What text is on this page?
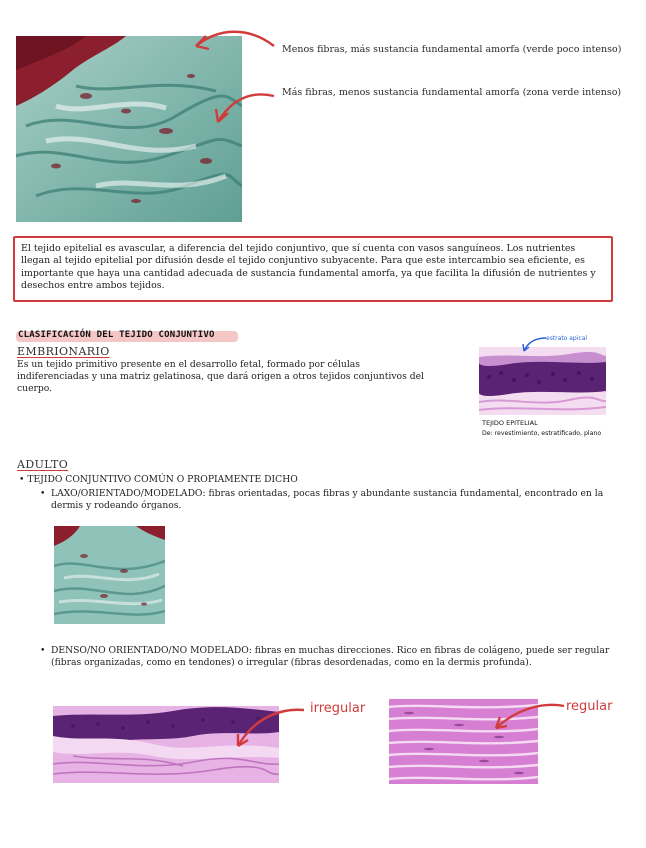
Menos fibras, más sustancia fundamental amorfa (verde poco intenso)
Más fibras, menos sustancia fundamental amorfa (zona verde intenso)
El tejido epitelial es avascular, a diferencia del tejido conjuntivo, que sí cuenta con vasos sanguíneos. Los nutrientes llegan al tejido epitelial por difusión desde el tejido conjuntivo subyacente. Para que este intercambio sea eficiente, es importante que haya una cantidad adecuada de sustancia fundamental amorfa, ya que facilita la difusión de nutrientes y desechos entre ambos tejidos.
CLASIFICACIÓN DEL TEJIDO CONJUNTIVO
EMBRIONARIO
Es un tejido primitivo presente en el desarrollo fetal, formado por células indiferenciadas y una matriz gelatinosa, que dará origen a otros tejidos conjuntivos del cuerpo.
estrato apical
TEJIDO EPITELIAL
De: revestimiento, estratificado, plano
ADULTO
• TEJIDO CONJUNTIVO COMÚN O PROPIAMENTE DICHO
• LAXO/ORIENTADO/MODELADO: fibras orientadas, pocas fibras y abundante sustancia fundamental, encontrado en la dermis y rodeando órganos.
• DENSO/NO ORIENTADO/NO MODELADO: fibras en muchas direcciones. Rico en fibras de colágeno, puede ser regular (fibras organizadas, como en tendones) o irregular (fibras desordenadas, como en la dermis profunda).
irregular	regular
